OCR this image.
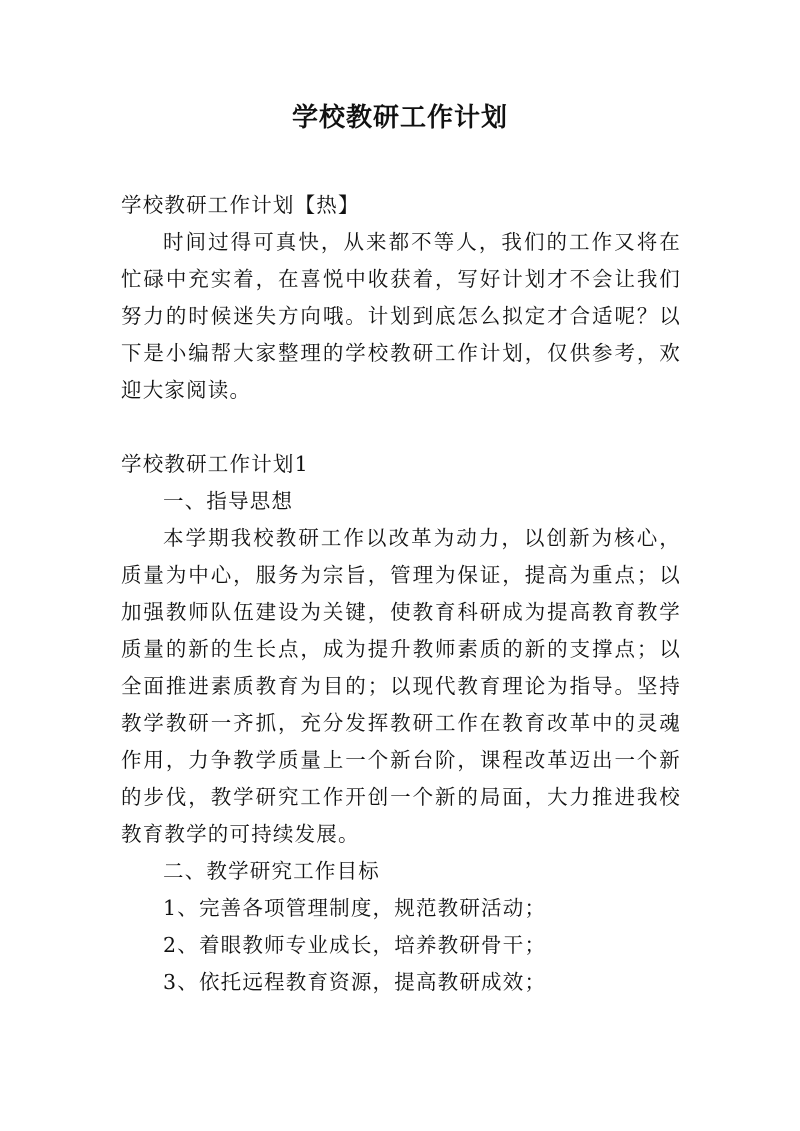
学校教研工作计划

学校教研工作计划【热】

时间过得可真快，从来都不等人，我们的工作又将在忙碌中充实着，在喜悦中收获着，写好计划才不会让我们努力的时候迷失方向哦。计划到底怎么拟定才合适呢？以下是小编帮大家整理的学校教研工作计划，仅供参考，欢迎大家阅读。

学校教研工作计划1

一、指导思想

本学期我校教研工作以改革为动力，以创新为核心，质量为中心，服务为宗旨，管理为保证，提高为重点；以加强教师队伍建设为关键，使教育科研成为提高教育教学质量的新的生长点，成为提升教师素质的新的支撑点；以全面推进素质教育为目的；以现代教育理论为指导。坚持教学教研一齐抓，充分发挥教研工作在教育改革中的灵魂作用，力争教学质量上一个新台阶，课程改革迈出一个新的步伐，教学研究工作开创一个新的局面，大力推进我校教育教学的可持续发展。

二、教学研究工作目标

1、完善各项管理制度，规范教研活动；

2、着眼教师专业成长，培养教研骨干；

3、依托远程教育资源，提高教研成效；
